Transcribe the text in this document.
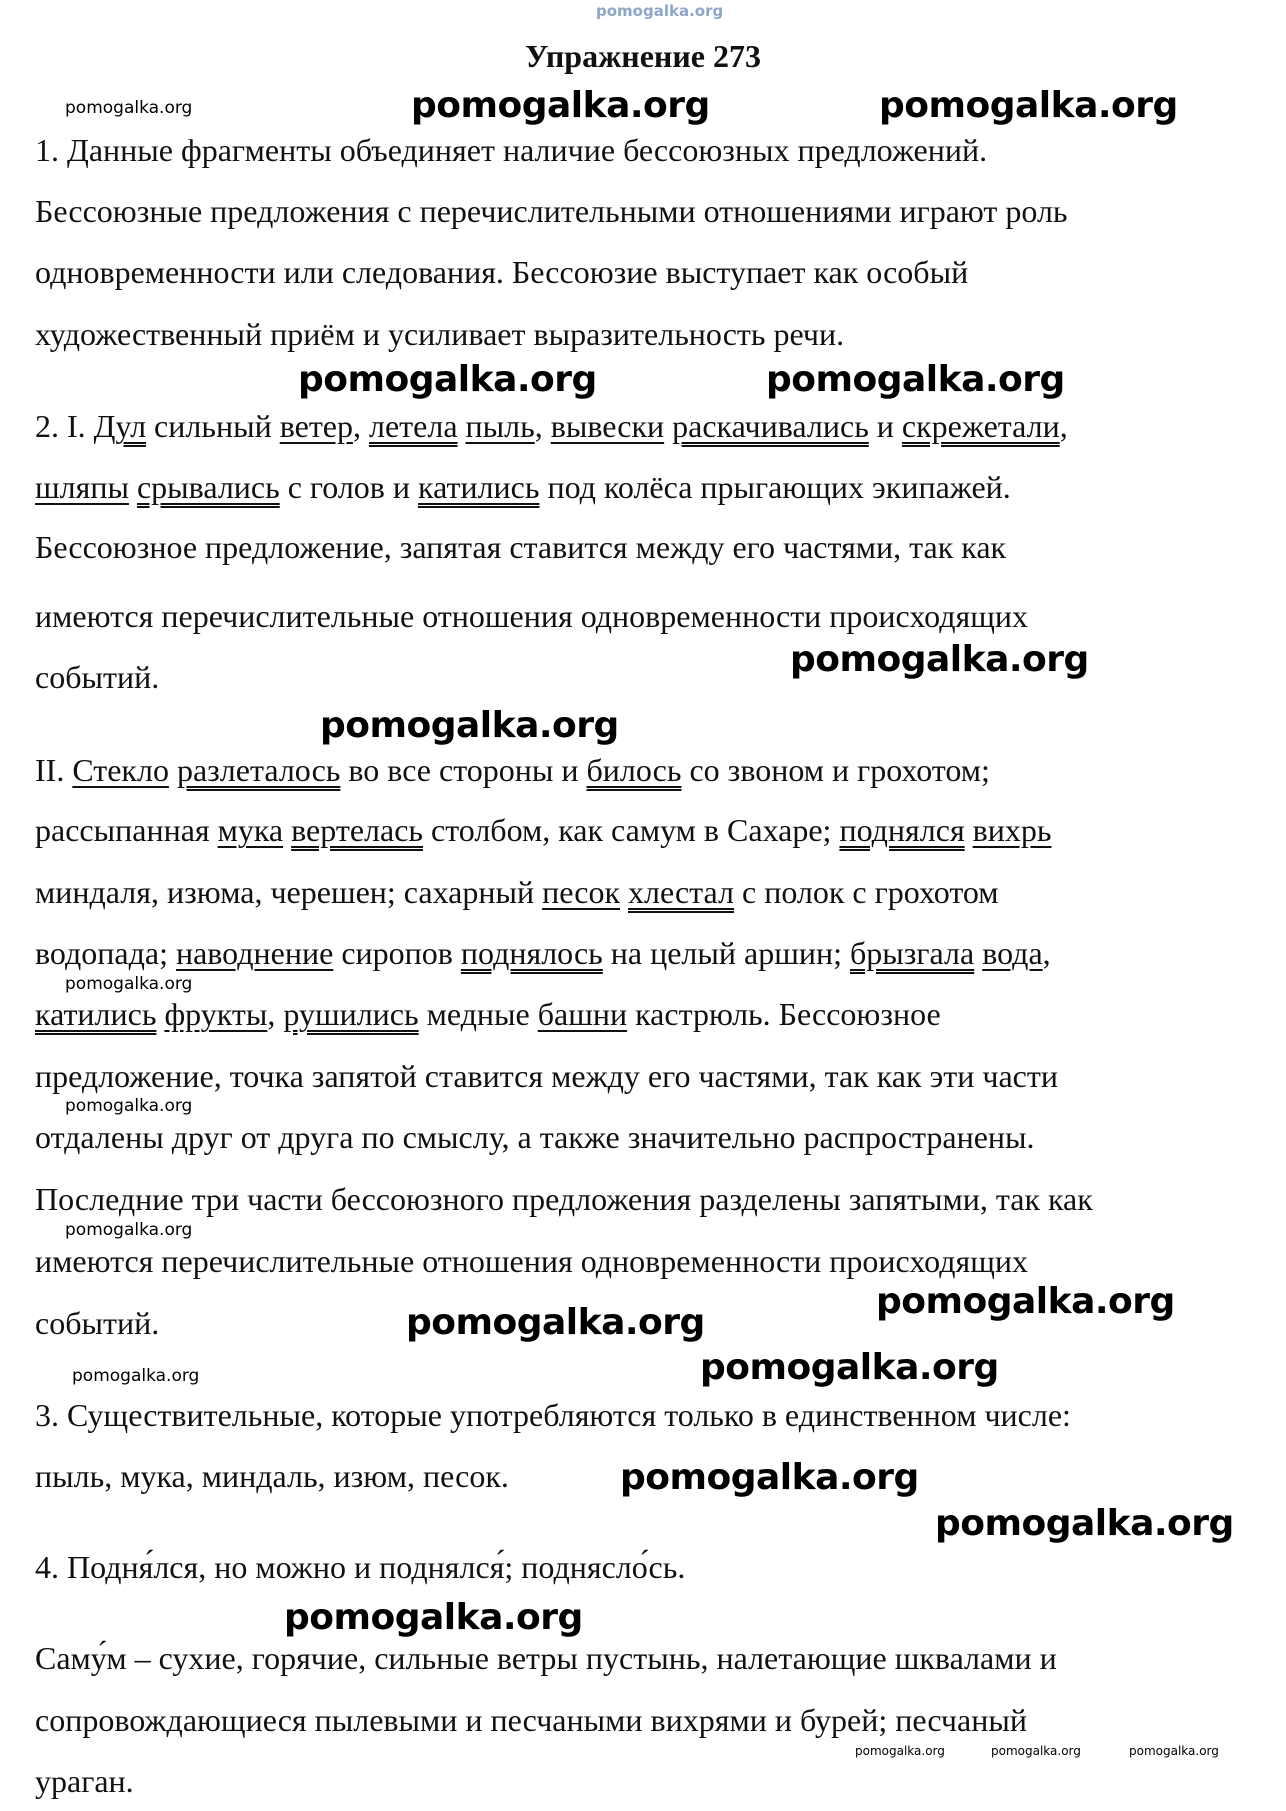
pomogalka.org
Упражнение 273
1. Данные фрагменты объединяет наличие бессоюзных предложений.
Бессоюзные предложения с перечислительными отношениями играют роль
одновременности или следования. Бессоюзие выступает как особый
художественный приём и усиливает выразительность речи.
2. I. Дул сильный ветер, летела пыль, вывески раскачивались и скрежетали,
шляпы срывались с голов и катились под колёса прыгающих экипажей.
Бессоюзное предложение, запятая ставится между его частями, так как
имеются перечислительные отношения одновременности происходящих
событий.
II. Стекло разлеталось во все стороны и билось со звоном и грохотом;
рассыпанная мука вертелась столбом, как самум в Сахаре; поднялся вихрь
миндаля, изюма, черешен; сахарный песок хлестал с полок с грохотом
водопада; наводнение сиропов поднялось на целый аршин; брызгала вода,
катились фрукты, рушились медные башни кастрюль. Бессоюзное
предложение, точка запятой ставится между его частями, так как эти части
отдалены друг от друга по смыслу, а также значительно распространены.
Последние три части бессоюзного предложения разделены запятыми, так как
имеются перечислительные отношения одновременности происходящих
событий.
3. Существительные, которые употребляются только в единственном числе:
пыль, мука, миндаль, изюм, песок.
4. Подня́лся, но можно и поднялся́; поднясло́сь.
Саму́м – сухие, горячие, сильные ветры пустынь, налетающие шквалами и
сопровождающиеся пылевыми и песчаными вихрями и бурей; песчаный
ураган.
pomogalka.org	pomogalka.org
pomogalka.org
pomogalka.org	pomogalka.org
pomogalka.org
pomogalka.org
pomogalka.org
pomogalka.org
pomogalka.org
pomogalka.org
pomogalka.org
pomogalka.org
pomogalka.org
pomogalka.org
pomogalka.org
pomogalka.org
pomogalka.org	pomogalka.org	pomogalka.org
